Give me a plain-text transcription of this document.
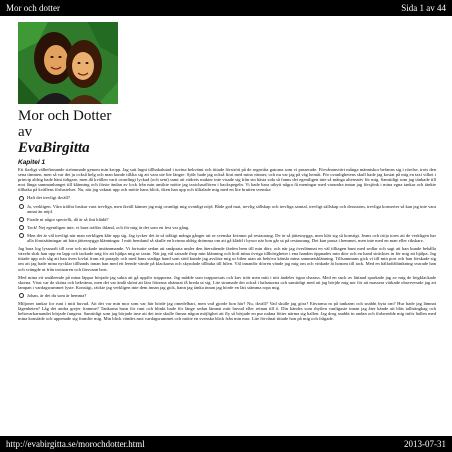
Mor och dotter	Sida 1 av 44
Mor och Dotter
av
EvaBirgitta
Kapitel 1

Ett fiarligt välbefinnande strömmade genom min kropp. Jag satt lugnt tillbakalutad i tuvina bekvämt och tittade förstrött på de regnvåta gatorna som vi passerade. Förvånansvärt många människor befanns sig i rörelse, trots den sena timmen, men så var det ju också helg och man kunde tillåta sig att vara ute lite längre. Själv hade jag också firat med mina vänner, och nu var jag på väg hemåt. För ovanlighetens skull hade jag kostat på mig en taxi vilket i princip aldrig hade hänt tidigare, men då kvällen varit ovanlingt lyckad (och sent) samt att vädrets makter inte visade sig från sin bästa sida så fanns det egentligen inte så många alternativ för mig. Samtidigt som jag tänkade till mot långa sammanhanget till klänning och förste ändan av lock från min ansikte mötte jag taxichauffören i backspegeln. Vi hade bara utbytt några få meningar med varandra innan jag försjönk i mina egna tankar och tänkte tillbaka på kvällens förlustelser. Nu, när jag vaknat upp och mötte hans blick, öken han upp och tilltalade mig med en lite brutten svenska

Haft det trevligt ikväll?
Ja, verkligen. Våra träffar brukar vara trevliga, men ikväll känner jag mig ovanligt mig ovanligt nöjd. Både god mat, trevlig sällskap och trevliga samtal, trevligt sällskap och dessutom, trevliga konserter så kan jag inte vara annat än nöjd.
Firade ni något speciellt, då är så fint klädd?
Tack! Nej egentligen inte, vi bara träffas ibland, och för mig är det som en fest var gång.
Men det är väl trevligt när man verkligen klär upp sig. Jag tycker det är så tråkigt många gånger att se svenska kvinnor på restaurang. De är så jättesnygga, men klär sig så konstigt. Jeans och tröja tores att de verkligen har alla förutsättningar att bära jättesnygga klänningar. I mitt hemland så skulle en kvinna aldrig drömma om att gå klädd i byxor när hon går ut på restaurang. Det kan passa i hemmet, men inte med en man eller rikskarz.

Jag bara log lyssnarlt till svar och nickade instämmande. Vi fortsatte sedan att småprata under den återstående färden hem till min dörr, och när jag överlämnat en väl tilltagen bunt med sedlar och sagt att han kunde behålla växeln skrk han upp en lapp och tackade mig för att hjälpa mig ur taxin. När jag väl satsade ihop min klänning och hoft mina övriga tillhörigheter i ena handen öppnades min dörr och en hand sträcktes in för mig att hjälpa. Jag tittade upp och såg att han även lovlat fram ett paraply och med hans stadiga hand som stöd kunde jag avslöra mig ur bilen utan att behöva känsla mina sammetsklänning. Tillsammans gick vi till min port och han förskade sig om att jag hade mina nycklar tillhands innan han med ett leende vände på klackarna och skyndade tillbaka till bilen. Väl innanför dörren vände jag mig om och vinkade åt honom till tack. Med en hälfadifihinkning svarade han och svängde ut från trottoaren och försvann bort.

Med mina ett småleende på mina läppar började jag sakta att gå uppför trapporna. Jag mådde som trappavsats och kuv trött men mitt i nitt ändeles ögna charass. Med en suck av lättnad sparkade jag av mig de högklackade skorna. Visst var de sköna och bekväma, men det var ändå skönt att lära fötterna obämrat få breda ut sig. Lite stramade det också i halsmorna och samtidigt med att jag börjde mig nor för att massera värkade observerade jag att lampan i vardagsrummet lyste. Konstigt, räckte jag verkligen inte dem innan jag gick, hann jag tänka innan jag hörde en lätt stämma ropa mig.

Johan, är det du som är hemma?

Miljoner tankar for runt i mitt huvud. Att det var min mor som var här hörde jag omedelbart, men vad gjorde hon här? Nu, ikväll? Vad skulle jag göra? Ettvarma m på tankarm och snabbt byta om? Hur hade jag lämnat lägenheten? Låg det andra grejer framme? Tankarna busn för runt och blinkt hade för länge sedan lämnat mitt huvud eller reinan till ö. Din kändes som rhytlen vanligaste innan jag åter kände att bläs tallträngkag och behovarkarnandet började fungera. Samtidigt som jag började inse att det inte skulle finnas någon möjlighet att fly så började en pur nakna fötter närma sig hallen. Jag drog snabbt in andan och förberedde mig inför hallen med mina konstäde och uppenade sig framför mig. Min blick vändes mot vardagsrummet och mötte en svenska blick från min mor. Lite förvånat tittade hon på mig och frågade.

http://evabirgitta.se/morochdotter.html	2013-07-31
